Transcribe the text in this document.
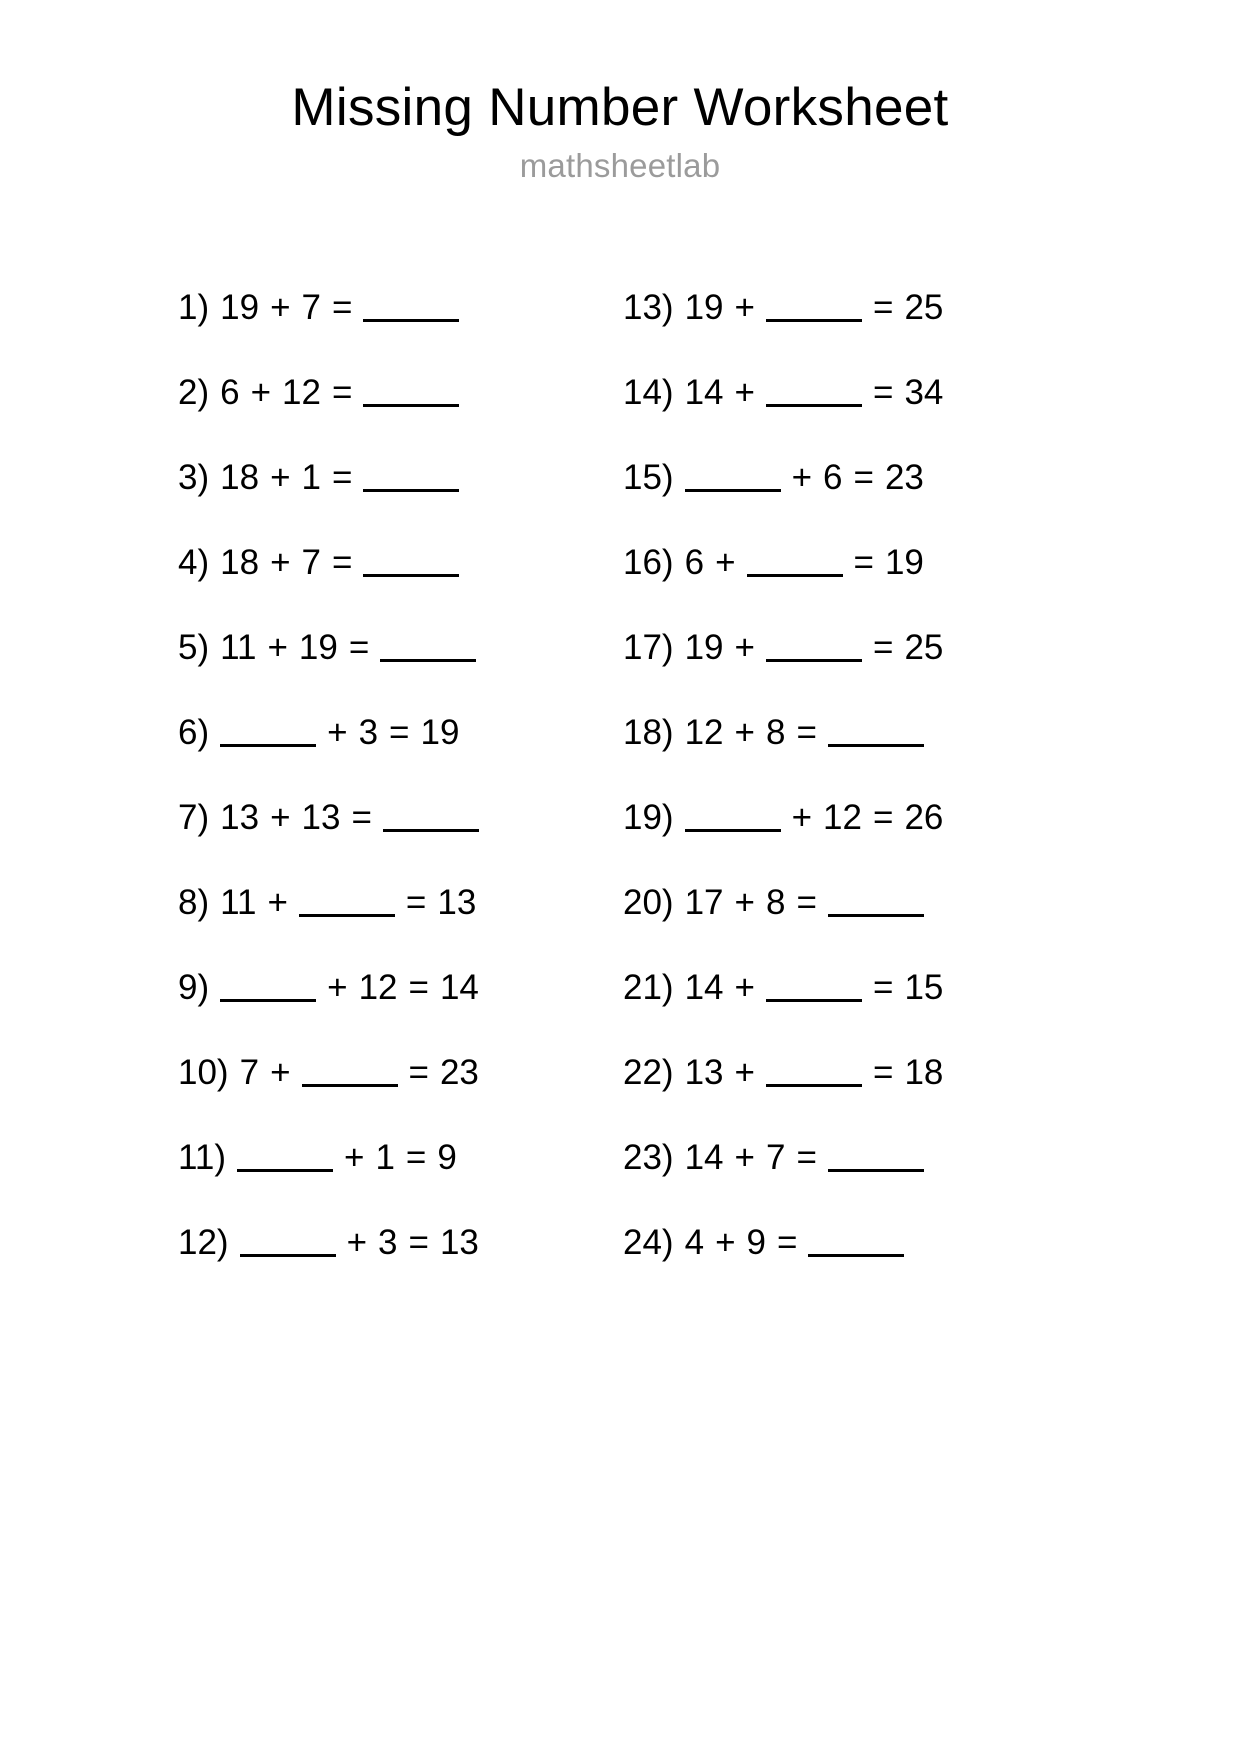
Missing Number Worksheet
mathsheetlab
1) 19 + 7 =
2) 6 + 12 =
3) 18 + 1 =
4) 18 + 7 =
5) 11 + 19 =
6)	+ 3 = 19
7) 13 + 13 =
8) 11 +	= 13
9)	+ 12 = 14
10) 7 +	= 23
11)	+ 1 = 9
12)	+ 3 = 13
13) 19 +	= 25
14) 14 +	= 34
15)	+ 6 = 23
16) 6 +	= 19
17) 19 +	= 25
18) 12 + 8 =
19)	+ 12 = 26
20) 17 + 8 =
21) 14 +	= 15
22) 13 +	= 18
23) 14 + 7 =
24) 4 + 9 =
